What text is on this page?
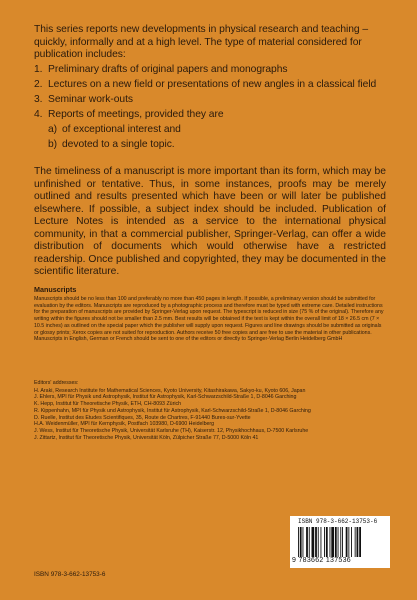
This series reports new developments in physical research and teaching – quickly, informally and at a high level. The type of material considered for publication includes:

1. Preliminary drafts of original papers and monographs
2. Lectures on a new field or presentations of new angles in a classical field
3. Seminar work-outs
4. Reports of meetings, provided they are
a) of exceptional interest and
b) devoted to a single topic.

The timeliness of a manuscript is more important than its form, which may be unfinished or tentative. Thus, in some instances, proofs may be merely outlined and results presented which have been or will later be published elsewhere. If possible, a subject index should be included. Publication of Lecture Notes is intended as a service to the international physical community, in that a commercial publisher, Springer-Verlag, can offer a wide distribution of documents which would otherwise have a restricted readership. Once published and copyrighted, they may be documented in the scientific literature.

Manuscripts

Manuscripts should be no less than 100 and preferably no more than 450 pages in length. If possible, a preliminary version should be submitted for evaluation by the editors. Manuscripts are reproduced by a photographic process and therefore must be typed with extreme care. Detailed instructions for the preparation of manuscripts are provided by Springer-Verlag upon request. The typescript is reduced in size (75 % of the original). Therefore any writing within the figures should not be smaller than 2.5 mm. Best results will be obtained if the text is kept within the overall limit of 18 × 26.5 cm (7 × 10.5 inches) as outlined on the special paper which the publisher will supply upon request. Figures and line drawings should be submitted as originals or glossy prints; Xerox copies are not suited for reproduction. Authors receive 50 free copies and are free to use the material in other publications. Manuscripts in English, German or French should be sent to one of the editors or directly to Springer-Verlag Berlin Heidelberg GmbH

Editors' addresses:

H. Araki, Research Institute for Mathematical Sciences, Kyoto University, Kitashirakawa, Sakyo-ku, Kyoto 606, Japan

J. Ehlers, MPI für Physik und Astrophysik, Institut für Astrophysik, Karl-Schwarzschild-Straße 1, D-8046 Garching

K. Hepp, Institut für Theoretische Physik, ETH, CH-8093 Zürich

R. Kippenhahn, MPI für Physik und Astrophysik, Institut für Astrophysik, Karl-Schwarzschild-Straße 1, D-8046 Garching

D. Ruelle, Institut des Etudes Scientifiques, 35, Route de Chartres, F-91440 Bures-sur-Yvette

H.A. Weidenmüller, MPI für Kernphysik, Postfach 103980, D-6900 Heidelberg

J. Wess, Institut für Theoretische Physik, Universität Karlsruhe (TH), Kaiserstr. 12, Physikhochhaus, D-7500 Karlsruhe

J. Zittartz, Institut für Theoretische Physik, Universität Köln, Zülpicher Straße 77, D-5000 Köln 41

ISBN 978-3-662-13753-6
9 783662 137536
ISBN 978-3-662-13753-6
